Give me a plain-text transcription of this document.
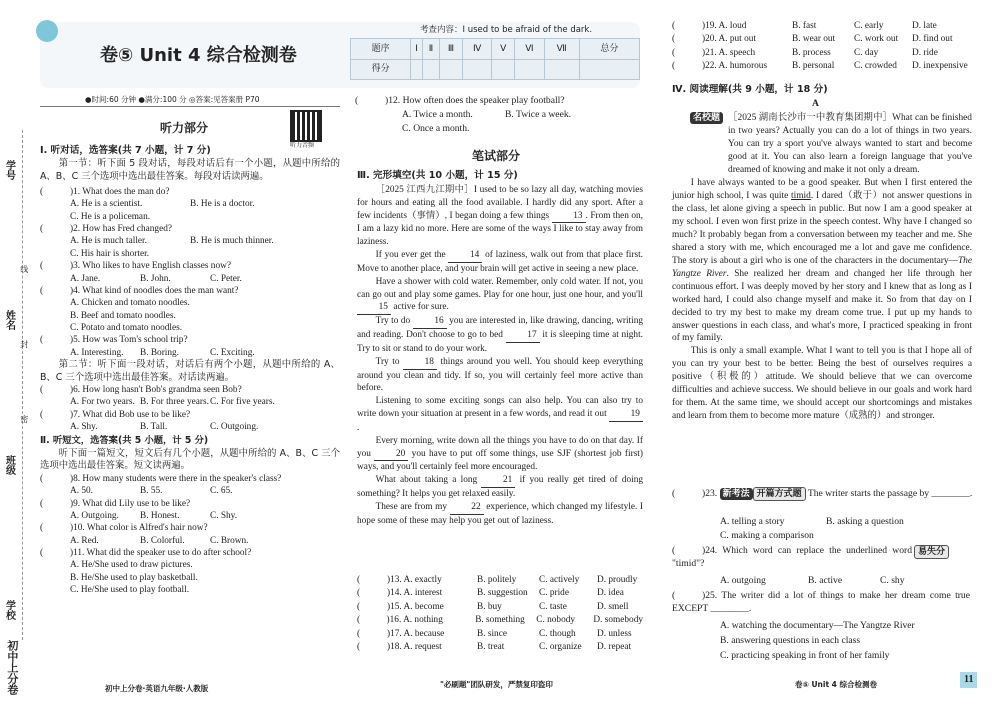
学号
姓名
班级
学校
线
封
密
初中上分卷
考查内容：I used to be afraid of the dark.
卷⑤ Unit 4 综合检测卷	题序	Ⅰ	Ⅱ	Ⅲ	Ⅳ	Ⅴ	Ⅵ	Ⅶ	总分
得分								
●时间:60 分钟 ●满分:100 分 ◎答案:见答案册 P70
听力部分
听力音频
Ⅰ. 听对话，选答案(共 7 小题，计 7 分)
第一节：听下面 5 段对话，每段对话后有一个小题，从题中所给的 A、B、C 三个选项中选出最佳答案。每段对话读两遍。
(	)1. What does the man do?
A. He is a scientist.	B. He is a doctor.
C. He is a policeman.
(	)2. How has Fred changed?
A. He is much taller.	B. He is much thinner.
C. His hair is shorter.
(	)3. Who likes to have English classes now?
A. Jane.	B. John.	C. Peter.
(	)4. What kind of noodles does the man want?
A. Chicken and tomato noodles.
B. Beef and tomato noodles.
C. Potato and tomato noodles.
(	)5. How was Tom's school trip?
A. Interesting.	B. Boring.	C. Exciting.
第二节：听下面一段对话，对话后有两个小题，从题中所给的 A、B、C 三个选项中选出最佳答案。对话读两遍。
(	)6. How long hasn't Bob's grandma seen Bob?
A. For two years. B. For three years. C. For five years.
(	)7. What did Bob use to be like?
A. Shy.	B. Tall.	C. Outgoing.
Ⅱ. 听短文，选答案(共 5 小题，计 5 分)
听下面一篇短文，短文后有几个小题，从题中所给的 A、B、C 三个选项中选出最佳答案。短文读两遍。
(	)8. How many students were there in the speaker's class?
A. 50.	B. 55.	C. 65.
(	)9. What did Lily use to be like?
A. Outgoing.	B. Honest.	C. Shy.
(	)10. What color is Alfred's hair now?
A. Red.	B. Colorful.	C. Brown.
(	)11. What did the speaker use to do after school?
A. He/She used to draw pictures.
B. He/She used to play basketball.
C. He/She used to play football.
(	)12. How often does the speaker play football?
A. Twice a month.	B. Twice a week.
C. Once a month.
笔试部分
Ⅲ. 完形填空(共 10 小题，计 15 分)
［2025 江西九江期中］I used to be so lazy all day, watching movies for hours and eating all the food available. I hardly did any sport. After a few incidents（事情）, I began doing a few things 13 . From then on, I am a lazy kid no more. Here are some of the ways I like to stay away from laziness.
If you ever get the 14 of laziness, walk out from that place first. Move to another place, and your brain will get active in seeing a new place.
Have a shower with cold water. Remember, only cold water. If not, you can go out and play some games. Play for one hour, just one hour, and you'll 15 active for sure.
Try to do 16 you are interested in, like drawing, dancing, writing and reading. Don't choose to go to bed 17 it is sleeping time at night. Try to sit or stand to do your work.
Try to 18 things around you well. You should keep everything around you clean and tidy. If so, you will certainly feel more active than before.
Listening to some exciting songs can also help. You can also try to write down your situation at present in a few words, and read it out 19.
Every morning, write down all the things you have to do on that day. If you 20 you have to put off some things, use SJF (shortest job first) ways, and you'll certainly feel more encouraged.
What about taking a long 21 if you really get tired of doing something? It helps you get relaxed easily.
These are from my 22 experience, which changed my lifestyle. I hope some of these may help you get out of laziness.
(	)13. A. exactly	B. politely	C. actively	D. proudly
(	)14. A. interest	B. suggestion	C. pride	D. idea
(	)15. A. become	B. buy	C. taste	D. smell
(	)16. A. nothing	B. something	C. nobody	D. somebody
(	)17. A. because	B. since	C. though	D. unless
(	)18. A. request	B. treat	C. organize	D. repeat
(	)19. A. loud	B. fast	C. early	D. late
(	)20. A. put out	B. wear out	C. work out	D. find out
(	)21. A. speech	B. process	C. day	D. ride
(	)22. A. humorous	B. personal	C. crowded	D. inexpensive
Ⅳ. 阅读理解(共 9 小题，计 18 分)
A
名校题 ［2025 湖南长沙市一中教育集团期中］What can be finished in two years? Actually you can do a lot of things in two years. You can try a sport you've always wanted to start and become good at it. You can also learn a foreign language that you've dreamed of knowing and make it not only a dream.
I have always wanted to be a good speaker. But when I first entered the junior high school, I was quite timid. I dared（敢于）not answer questions in the class, let alone giving a speech in public. But now I am a good speaker at my school. I even won first prize in the speech contest. Why have I changed so much? It probably began from a conversation between my teacher and me. She shared a story with me, which encouraged me a lot and gave me confidence. The story is about a girl who is one of the characters in the documentary—The Yangtze River. She realized her dream and changed her life through her continuous effort. I was deeply moved by her story and I knew that as long as I worked hard, I could also change myself and make it. So from that day on I decided to try my best to make my dream come true. I put up my hands to answer questions in each class, and what's more, I practiced speaking in front of my family.
This is only a small example. What I want to tell you is that I hope all of you can try your best to be better. Being the best of ourselves requires a positive（积极的）attitude. We should believe that we can overcome difficulties and achieve success. We should believe in our goals and work hard for them. At the same time, we should accept our shortcomings and mistakes and learn from them to become more mature（成熟的）and stronger.
(	)23. 新考法 开篇方式题 The writer starts the passage by ________.
A. telling a story	B. asking a question
C. making a comparison
(	)24. Which word can replace the underlined word "timid"?
易失分
A. outgoing	B. active	C. shy
(	)25. The writer did a lot of things to make her dream come true EXCEPT ________.
A. watching the documentary—The Yangtze River
B. answering questions in each class
C. practicing speaking in front of her family
初中上分卷·英语九年级·人教版	"必刷题"团队研发，严禁复印盗印	卷⑤ Unit 4 综合检测卷	11
